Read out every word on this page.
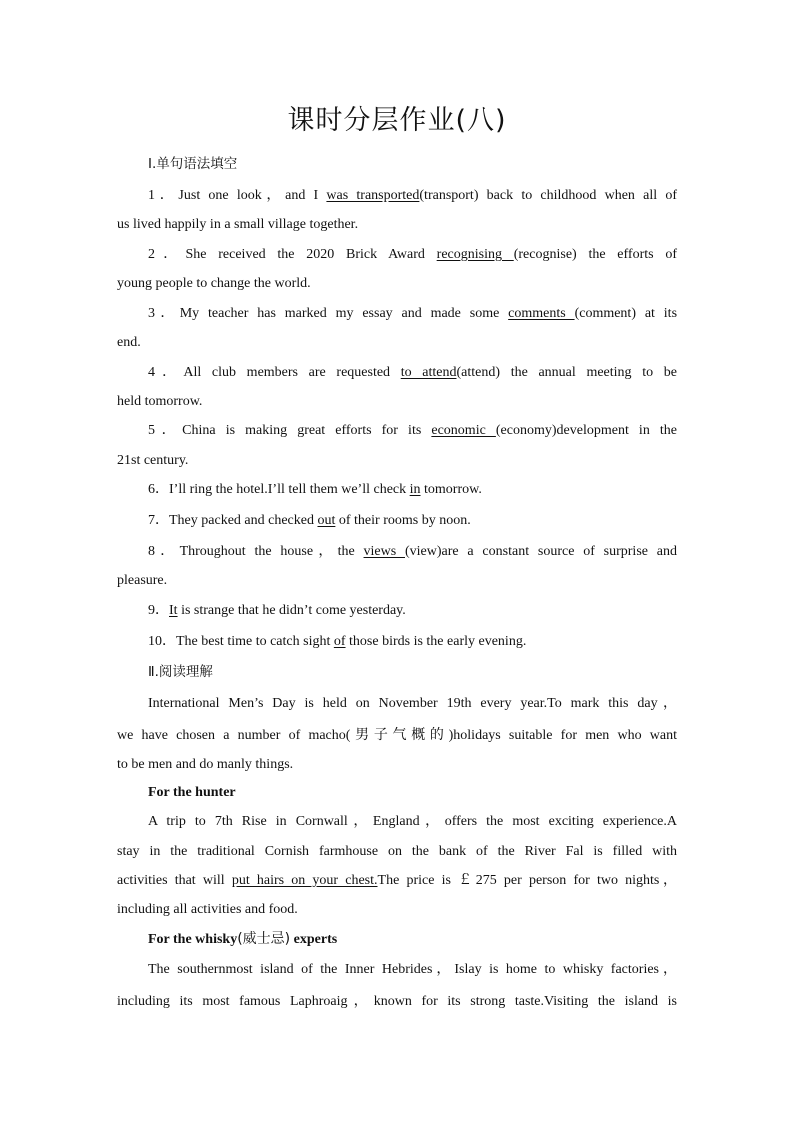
课时分层作业(八)
Ⅰ.单句语法填空
1．Just one look，and I was transported(transport) back to childhood when all of
us lived happily in a small village together.
2．She received the 2020 Brick Award recognising (recognise) the efforts of
young people to change the world.
3．My teacher has marked my essay and made some comments (comment) at its
end.
4．All club members are requested to attend(attend) the annual meeting to be
held tomorrow.
5．China is making great efforts for its economic (economy)development in the
21st century.
6．I’ll ring the hotel.I’ll tell them we’ll check in tomorrow.
7．They packed and checked out of their rooms by noon.
8．Throughout the house，the views (view)are a constant source of surprise and
pleasure.
9．It is strange that he didn’t come yesterday.
10．The best time to catch sight of those birds is the early evening.
Ⅱ.阅读理解
International Men’s Day is held on November 19th every year.To mark this day，
we have chosen a number of macho(男子气概的)holidays suitable for men who want
to be men and do manly things.
For the hunter
A trip to 7th Rise in Cornwall，England，offers the most exciting experience.A
stay in the traditional Cornish farmhouse on the bank of the River Fal is filled with
activities that will put hairs on your chest.The price is ￡275 per person for two nights，
including all activities and food.
For the whisky(威士忌) experts
The southernmost island of the Inner Hebrides，Islay is home to whisky factories，
including its most famous Laphroaig，known for its strong taste.Visiting the island is
